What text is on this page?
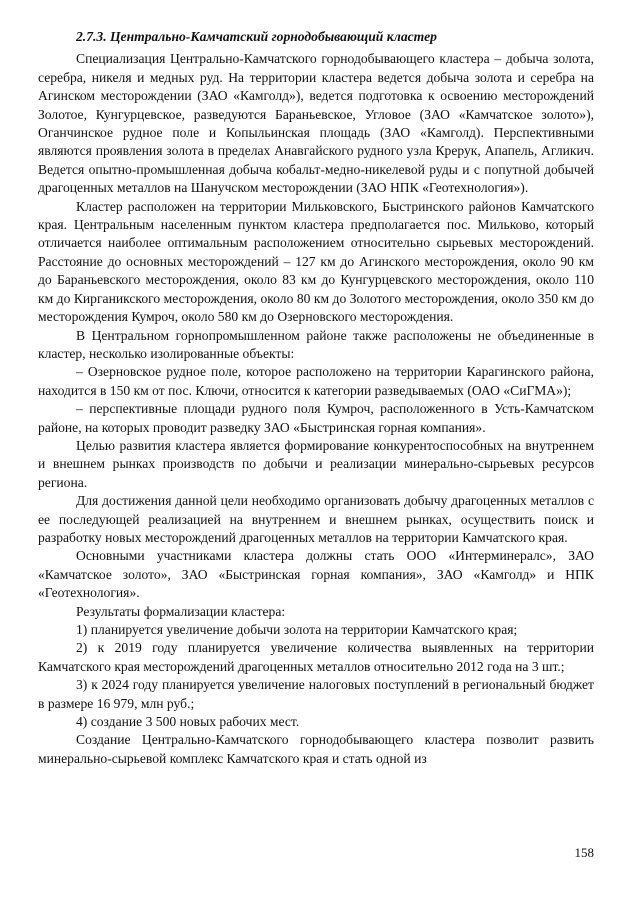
2.7.3. Центрально-Камчатский горнодобывающий кластер

Специализация Центрально-Камчатского горнодобывающего кластера – добыча золота, серебра, никеля и медных руд. На территории кластера ведется добыча золота и серебра на Агинском месторождении (ЗАО «Камголд»), ведется подготовка к освоению месторождений Золотое, Кунгурцевское, разведуются Бараньевское, Угловое (ЗАО «Камчатское золото»), Оганчинское рудное поле и Копыльинская площадь (ЗАО «Камголд). Перспективными являются проявления золота в пределах Анавгайского рудного узла Крерук, Апапель, Агликич. Ведется опытно-промышленная добыча кобальт-медно-никелевой руды и с попутной добычей драгоценных металлов на Шанучском месторождении (ЗАО НПК «Геотехнология»).

Кластер расположен на территории Мильковского, Быстринского районов Камчатского края. Центральным населенным пунктом кластера предполагается пос. Мильково, который отличается наиболее оптимальным расположением относительно сырьевых месторождений. Расстояние до основных месторождений – 127 км до Агинского месторождения, около 90 км до Бараньевского месторождения, около 83 км до Кунгурцевского месторождения, около 110 км до Кирганикского месторождения, около 80 км до Золотого месторождения, около 350 км до месторождения Кумроч, около 580 км до Озерновского месторождения.

В Центральном горнопромышленном районе также расположены не объединенные в кластер, несколько изолированные объекты:

– Озерновское рудное поле, которое расположено на территории Карагинского района, находится в 150 км от пос. Ключи, относится к категории разведываемых (ОАО «СиГМА»);

– перспективные площади рудного поля Кумроч, расположенного в Усть-Камчатском районе, на которых проводит разведку ЗАО «Быстринская горная компания».

Целью развития кластера является формирование конкурентоспособных на внутреннем и внешнем рынках производств по добычи и реализации минерально-сырьевых ресурсов региона.

Для достижения данной цели необходимо организовать добычу драгоценных металлов с ее последующей реализацией на внутреннем и внешнем рынках, осуществить поиск и разработку новых месторождений драгоценных металлов на территории Камчатского края.

Основными участниками кластера должны стать ООО «Интерминералс», ЗАО «Камчатское золото», ЗАО «Быстринская горная компания», ЗАО «Камголд» и НПК «Геотехнология».

Результаты формализации кластера:

1) планируется увеличение добычи золота на территории Камчатского края;

2) к 2019 году планируется увеличение количества выявленных на территории Камчатского края месторождений драгоценных металлов относительно 2012 года на 3 шт.;

3) к 2024 году планируется увеличение налоговых поступлений в региональный бюджет в размере 16 979, млн руб.;

4) создание 3 500 новых рабочих мест.

Создание Центрально-Камчатского горнодобывающего кластера позволит развить минерально-сырьевой комплекс Камчатского края и стать одной из

158
